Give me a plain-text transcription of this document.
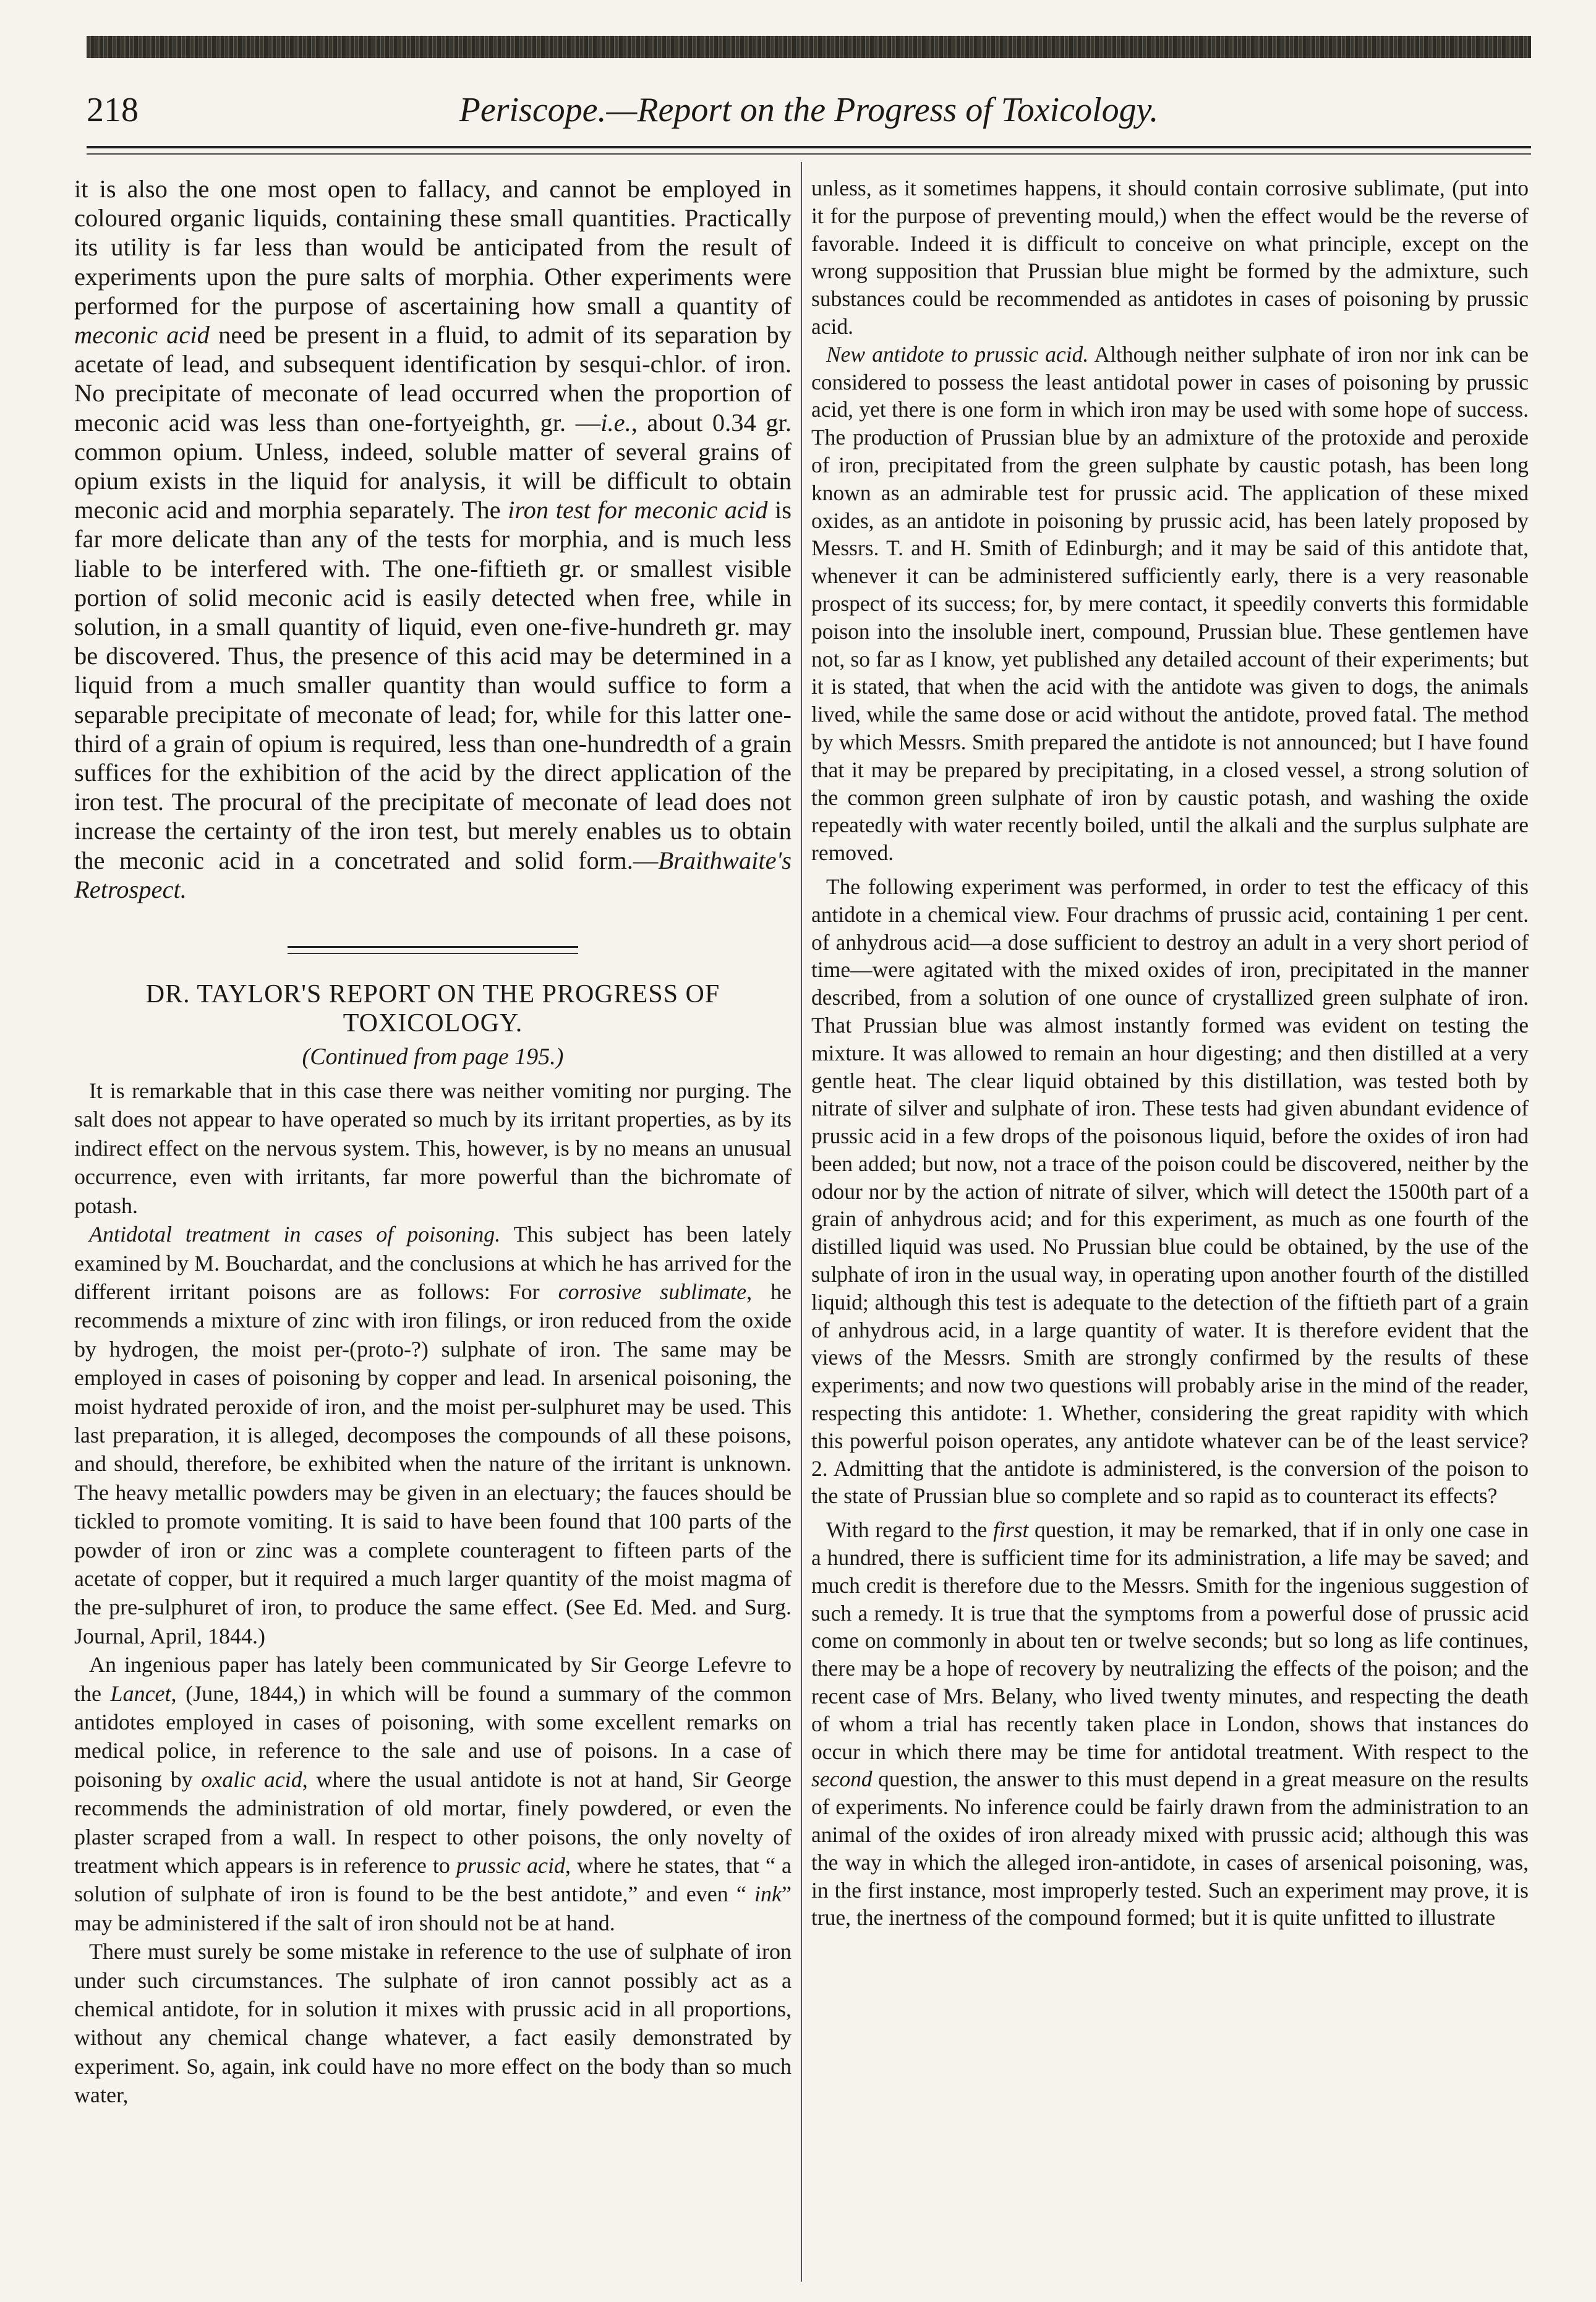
218	Periscope.—Report on the Progress of Toxicology.

it is also the one most open to fallacy, and cannot be employed in coloured organic liquids, containing these small quantities. Practically its utility is far less than would be anticipated from the result of experiments upon the pure salts of morphia. Other experiments were performed for the purpose of ascertaining how small a quantity of meconic acid need be present in a fluid, to admit of its separation by acetate of lead, and subsequent identification by sesqui-chlor. of iron. No precipitate of meconate of lead occurred when the proportion of meconic acid was less than one-fortyeighth, gr. —i.e., about 0.34 gr. common opium. Unless, indeed, soluble matter of several grains of opium exists in the liquid for analysis, it will be difficult to obtain meconic acid and morphia separately. The iron test for meconic acid is far more delicate than any of the tests for morphia, and is much less liable to be interfered with. The one-fiftieth gr. or smallest visible portion of solid meconic acid is easily detected when free, while in solution, in a small quantity of liquid, even one-five-hundreth gr. may be discovered. Thus, the presence of this acid may be determined in a liquid from a much smaller quantity than would suffice to form a separable precipitate of meconate of lead; for, while for this latter one-third of a grain of opium is required, less than one-hundredth of a grain suffices for the exhibition of the acid by the direct application of the iron test. The procural of the precipitate of meconate of lead does not increase the certainty of the iron test, but merely enables us to obtain the meconic acid in a concetrated and solid form.—Braithwaite's Retrospect.

DR. TAYLOR'S REPORT ON THE PROGRESS OF TOXICOLOGY.
(Continued from page 195.)

It is remarkable that in this case there was neither vomiting nor purging. The salt does not appear to have operated so much by its irritant properties, as by its indirect effect on the nervous system. This, however, is by no means an unusual occurrence, even with irritants, far more powerful than the bichromate of potash.

Antidotal treatment in cases of poisoning. This subject has been lately examined by M. Bouchardat, and the conclusions at which he has arrived for the different irritant poisons are as follows: For corrosive sublimate, he recommends a mixture of zinc with iron filings, or iron reduced from the oxide by hydrogen, the moist per-(proto-?) sulphate of iron. The same may be employed in cases of poisoning by copper and lead. In arsenical poisoning, the moist hydrated peroxide of iron, and the moist per-sulphuret may be used. This last preparation, it is alleged, decomposes the compounds of all these poisons, and should, therefore, be exhibited when the nature of the irritant is unknown. The heavy metallic powders may be given in an electuary; the fauces should be tickled to promote vomiting. It is said to have been found that 100 parts of the powder of iron or zinc was a complete counteragent to fifteen parts of the acetate of copper, but it required a much larger quantity of the moist magma of the pre-sulphuret of iron, to produce the same effect. (See Ed. Med. and Surg. Journal, April, 1844.)

An ingenious paper has lately been communicated by Sir George Lefevre to the Lancet, (June, 1844,) in which will be found a summary of the common antidotes employed in cases of poisoning, with some excellent remarks on medical police, in reference to the sale and use of poisons. In a case of poisoning by oxalic acid, where the usual antidote is not at hand, Sir George recommends the administration of old mortar, finely powdered, or even the plaster scraped from a wall. In respect to other poisons, the only novelty of treatment which appears is in reference to prussic acid, where he states, that “ a solution of sulphate of iron is found to be the best antidote,” and even “ ink” may be administered if the salt of iron should not be at hand.

There must surely be some mistake in reference to the use of sulphate of iron under such circumstances. The sulphate of iron cannot possibly act as a chemical antidote, for in solution it mixes with prussic acid in all proportions, without any chemical change whatever, a fact easily demonstrated by experiment. So, again, ink could have no more effect on the body than so much water,

unless, as it sometimes happens, it should contain corrosive sublimate, (put into it for the purpose of preventing mould,) when the effect would be the reverse of favorable. Indeed it is difficult to conceive on what principle, except on the wrong supposition that Prussian blue might be formed by the admixture, such substances could be recommended as antidotes in cases of poisoning by prussic acid.

New antidote to prussic acid. Although neither sulphate of iron nor ink can be considered to possess the least antidotal power in cases of poisoning by prussic acid, yet there is one form in which iron may be used with some hope of success. The production of Prussian blue by an admixture of the protoxide and peroxide of iron, precipitated from the green sulphate by caustic potash, has been long known as an admirable test for prussic acid. The application of these mixed oxides, as an antidote in poisoning by prussic acid, has been lately proposed by Messrs. T. and H. Smith of Edinburgh; and it may be said of this antidote that, whenever it can be administered sufficiently early, there is a very reasonable prospect of its success; for, by mere contact, it speedily converts this formidable poison into the insoluble inert, compound, Prussian blue. These gentlemen have not, so far as I know, yet published any detailed account of their experiments; but it is stated, that when the acid with the antidote was given to dogs, the animals lived, while the same dose or acid without the antidote, proved fatal. The method by which Messrs. Smith prepared the antidote is not announced; but I have found that it may be prepared by precipitating, in a closed vessel, a strong solution of the common green sulphate of iron by caustic potash, and washing the oxide repeatedly with water recently boiled, until the alkali and the surplus sulphate are removed.

The following experiment was performed, in order to test the efficacy of this antidote in a chemical view. Four drachms of prussic acid, containing 1 per cent. of anhydrous acid—a dose sufficient to destroy an adult in a very short period of time—were agitated with the mixed oxides of iron, precipitated in the manner described, from a solution of one ounce of crystallized green sulphate of iron. That Prussian blue was almost instantly formed was evident on testing the mixture. It was allowed to remain an hour digesting; and then distilled at a very gentle heat. The clear liquid obtained by this distillation, was tested both by nitrate of silver and sulphate of iron. These tests had given abundant evidence of prussic acid in a few drops of the poisonous liquid, before the oxides of iron had been added; but now, not a trace of the poison could be discovered, neither by the odour nor by the action of nitrate of silver, which will detect the 1500th part of a grain of anhydrous acid; and for this experiment, as much as one fourth of the distilled liquid was used. No Prussian blue could be obtained, by the use of the sulphate of iron in the usual way, in operating upon another fourth of the distilled liquid; although this test is adequate to the detection of the fiftieth part of a grain of anhydrous acid, in a large quantity of water. It is therefore evident that the views of the Messrs. Smith are strongly confirmed by the results of these experiments; and now two questions will probably arise in the mind of the reader, respecting this antidote: 1. Whether, considering the great rapidity with which this powerful poison operates, any antidote whatever can be of the least service? 2. Admitting that the antidote is administered, is the conversion of the poison to the state of Prussian blue so complete and so rapid as to counteract its effects?

With regard to the first question, it may be remarked, that if in only one case in a hundred, there is sufficient time for its administration, a life may be saved; and much credit is therefore due to the Messrs. Smith for the ingenious suggestion of such a remedy. It is true that the symptoms from a powerful dose of prussic acid come on commonly in about ten or twelve seconds; but so long as life continues, there may be a hope of recovery by neutralizing the effects of the poison; and the recent case of Mrs. Belany, who lived twenty minutes, and respecting the death of whom a trial has recently taken place in London, shows that instances do occur in which there may be time for antidotal treatment. With respect to the second question, the answer to this must depend in a great measure on the results of experiments. No inference could be fairly drawn from the administration to an animal of the oxides of iron already mixed with prussic acid; although this was the way in which the alleged iron-antidote, in cases of arsenical poisoning, was, in the first instance, most improperly tested. Such an experiment may prove, it is true, the inertness of the compound formed; but it is quite unfitted to illustrate
